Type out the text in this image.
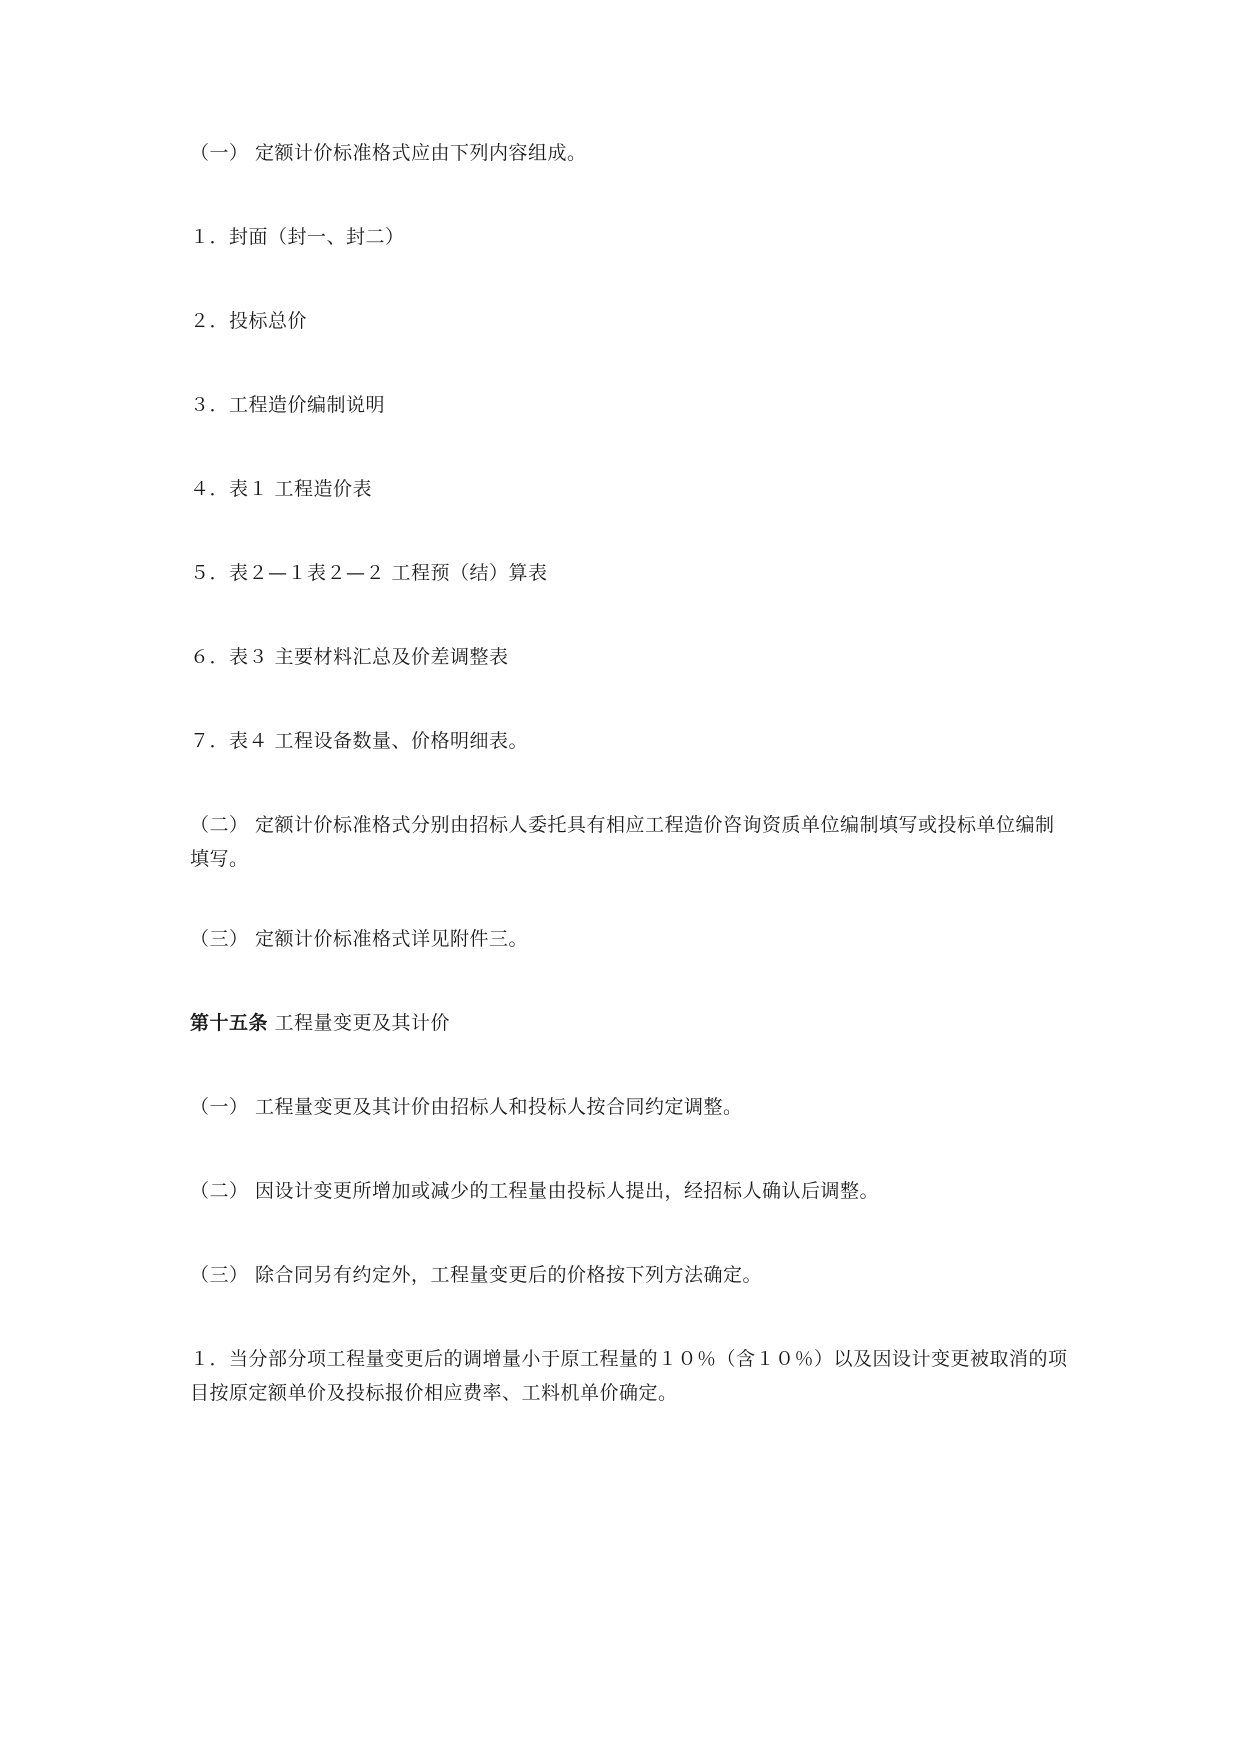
（一） 定额计价标准格式应由下列内容组成。

１．封面（封一、封二）

２．投标总价

３．工程造价编制说明

４．表１ 工程造价表

５．表２—１表２—２ 工程预（结）算表

６．表３ 主要材料汇总及价差调整表

７．表４ 工程设备数量、价格明细表。

（二） 定额计价标准格式分别由招标人委托具有相应工程造价咨询资质单位编制填写或投标单位编制填写。

（三） 定额计价标准格式详见附件三。

第十五条 工程量变更及其计价

（一） 工程量变更及其计价由招标人和投标人按合同约定调整。

（二） 因设计变更所增加或减少的工程量由投标人提出，经招标人确认后调整。

（三） 除合同另有约定外，工程量变更后的价格按下列方法确定。

１．当分部分项工程量变更后的调增量小于原工程量的１０％（含１０％）以及因设计变更被取消的项目按原定额单价及投标报价相应费率、工料机单价确定。
